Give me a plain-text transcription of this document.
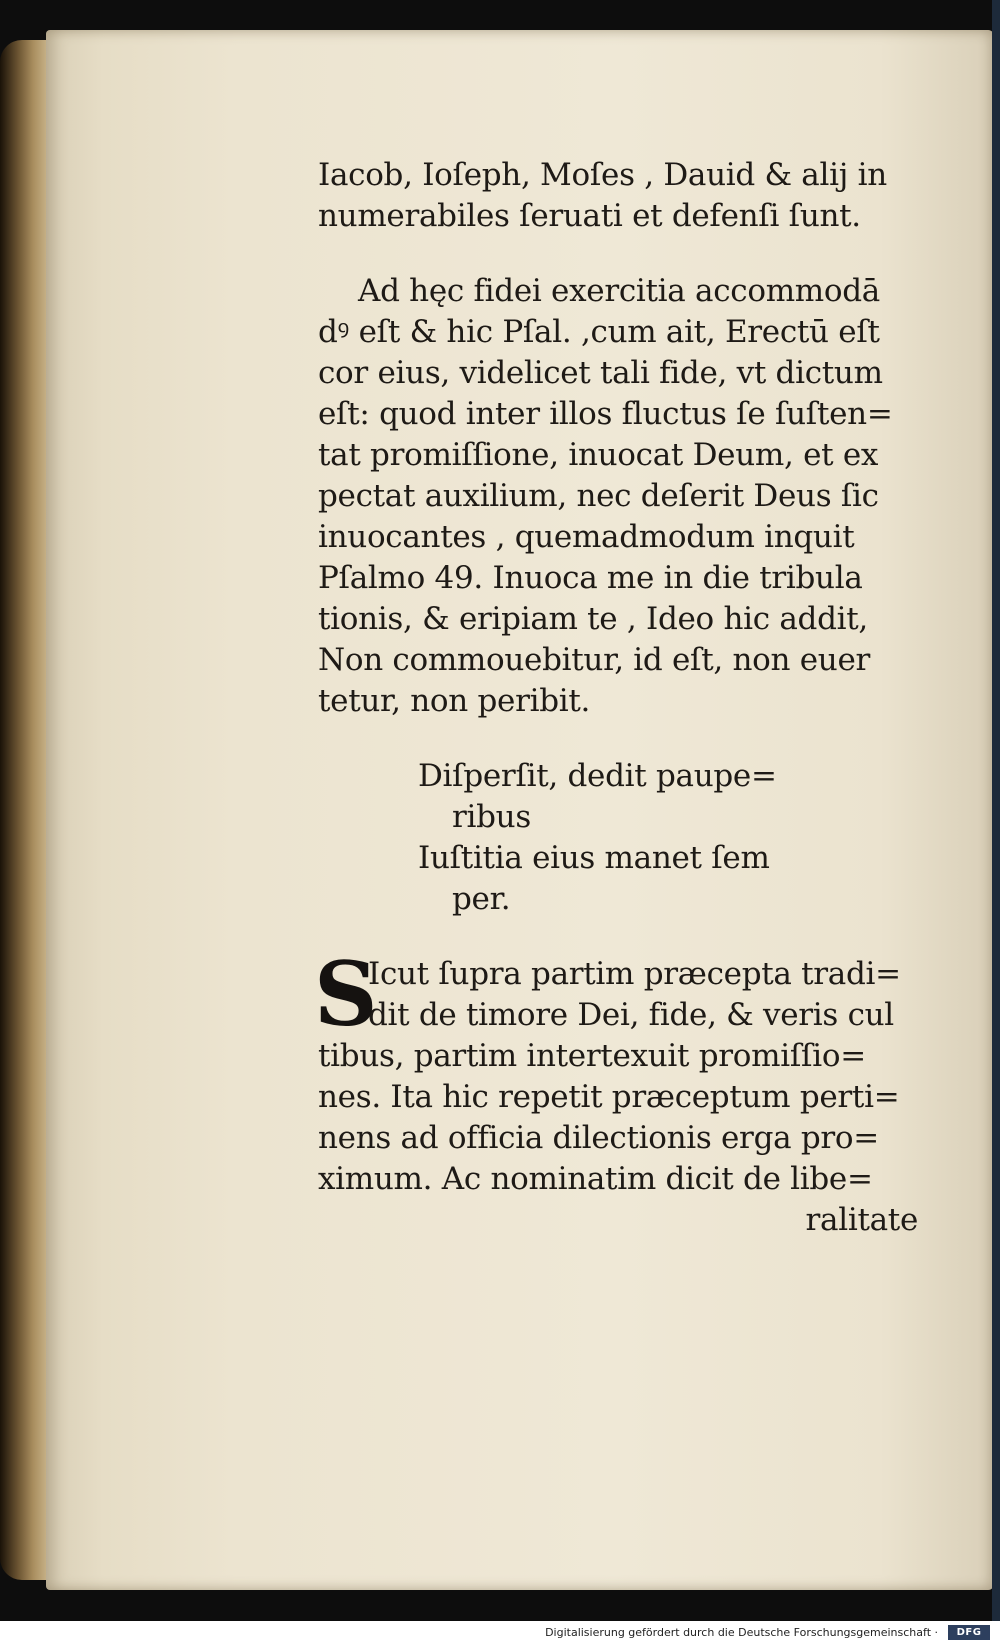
Iacob, Ioſeph, Moſes , Dauid & alij in
numerabiles ſeruati et defenſi ſunt.
Ad hęc fidei exercitia accommodā
dꝰ eſt & hic Pſal. ,cum ait, Erectū eſt
cor eius, videlicet tali fide, vt dictum
eſt: quod inter illos fluctus ſe ſuſten=
tat promiſſione, inuocat Deum, et ex
pectat auxilium, nec deſerit Deus ſic
inuocantes , quemadmodum inquit
Pſalmo 49. Inuoca me in die tribula
tionis, & eripiam te , Ideo hic addit,
Non commouebitur, id eſt, non euer
tetur, non peribit.
Diſperſit, dedit paupe=
ribus
Iuſtitia eius manet ſem
per.
S
Icut ſupra partim præcepta tradi=
dit de timore Dei, fide, & veris cul
tibus, partim intertexuit promiſſio=
nes. Ita hic repetit præceptum perti=
nens ad officia dilectionis erga pro=
ximum. Ac nominatim dicit de libe=
ralitate
Digitalisierung gefördert durch die Deutsche Forschungsgemeinschaft ·	DFG
